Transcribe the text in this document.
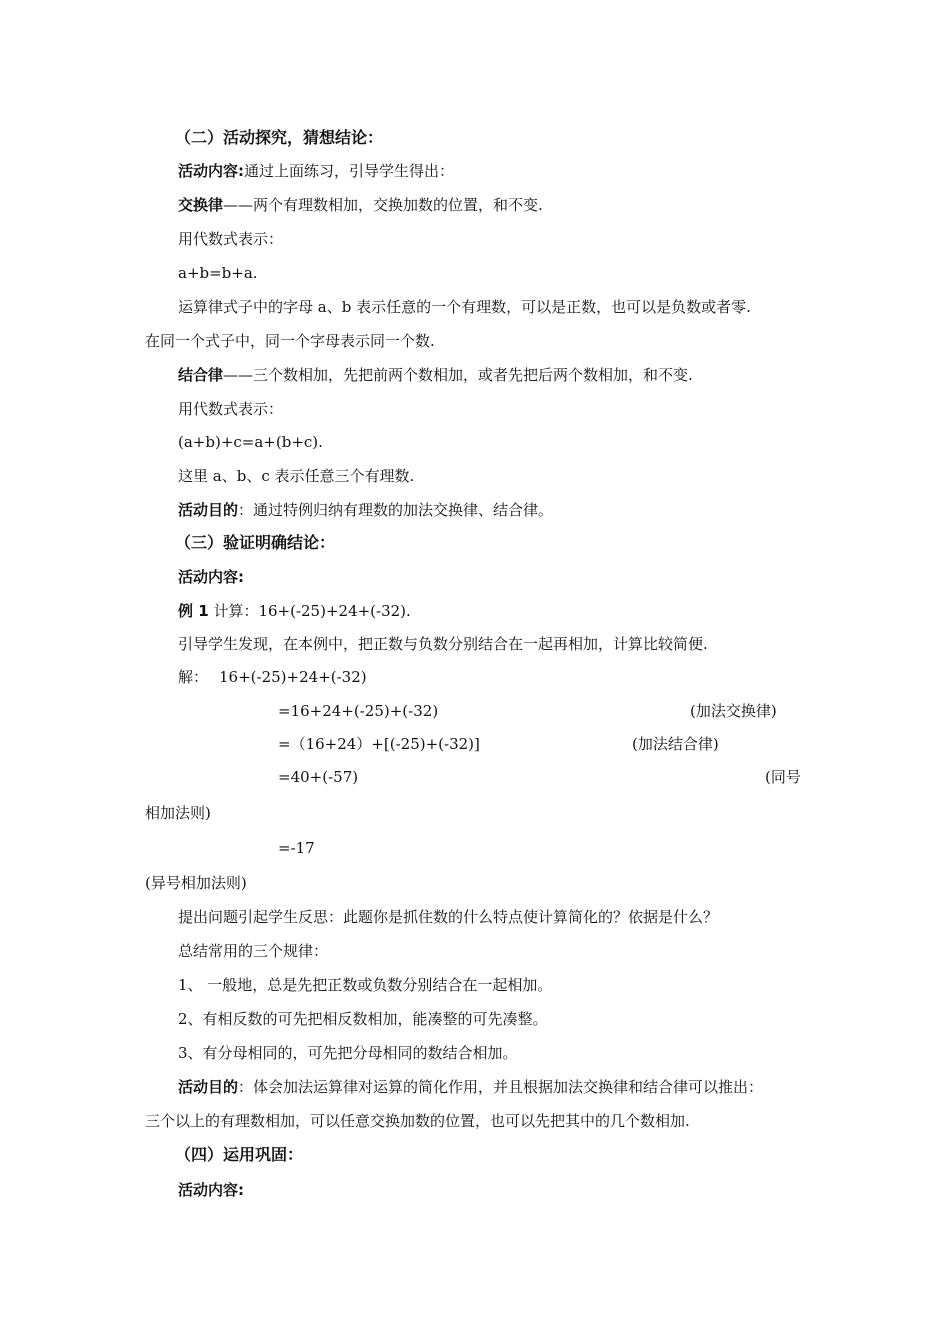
（二）活动探究，猜想结论：
活动内容:通过上面练习，引导学生得出：
交换律——两个有理数相加，交换加数的位置，和不变.
用代数式表示：
a+b=b+a.
运算律式子中的字母 a、b 表示任意的一个有理数，可以是正数，也可以是负数或者零.
在同一个式子中，同一个字母表示同一个数.
结合律——三个数相加，先把前两个数相加，或者先把后两个数相加，和不变.
用代数式表示：
(a+b)+c=a+(b+c).
这里 a、b、c 表示任意三个有理数.
活动目的：通过特例归纳有理数的加法交换律、结合律。
（三）验证明确结论：
活动内容:
例 1 计算：16+(-25)+24+(-32).
引导学生发现，在本例中，把正数与负数分别结合在一起再相加，计算比较简便.
解： 16+(-25)+24+(-32)
=16+24+(-25)+(-32)	(加法交换律)
=（16+24）+[(-25)+(-32)]	(加法结合律)
=40+(-57)	(同号
相加法则)
=-17
(异号相加法则)
提出问题引起学生反思：此题你是抓住数的什么特点使计算简化的？依据是什么？
总结常用的三个规律：
1、 一般地，总是先把正数或负数分别结合在一起相加。
2、有相反数的可先把相反数相加，能凑整的可先凑整。
3、有分母相同的，可先把分母相同的数结合相加。
活动目的：体会加法运算律对运算的简化作用，并且根据加法交换律和结合律可以推出：
三个以上的有理数相加，可以任意交换加数的位置，也可以先把其中的几个数相加.
（四）运用巩固：
活动内容:
